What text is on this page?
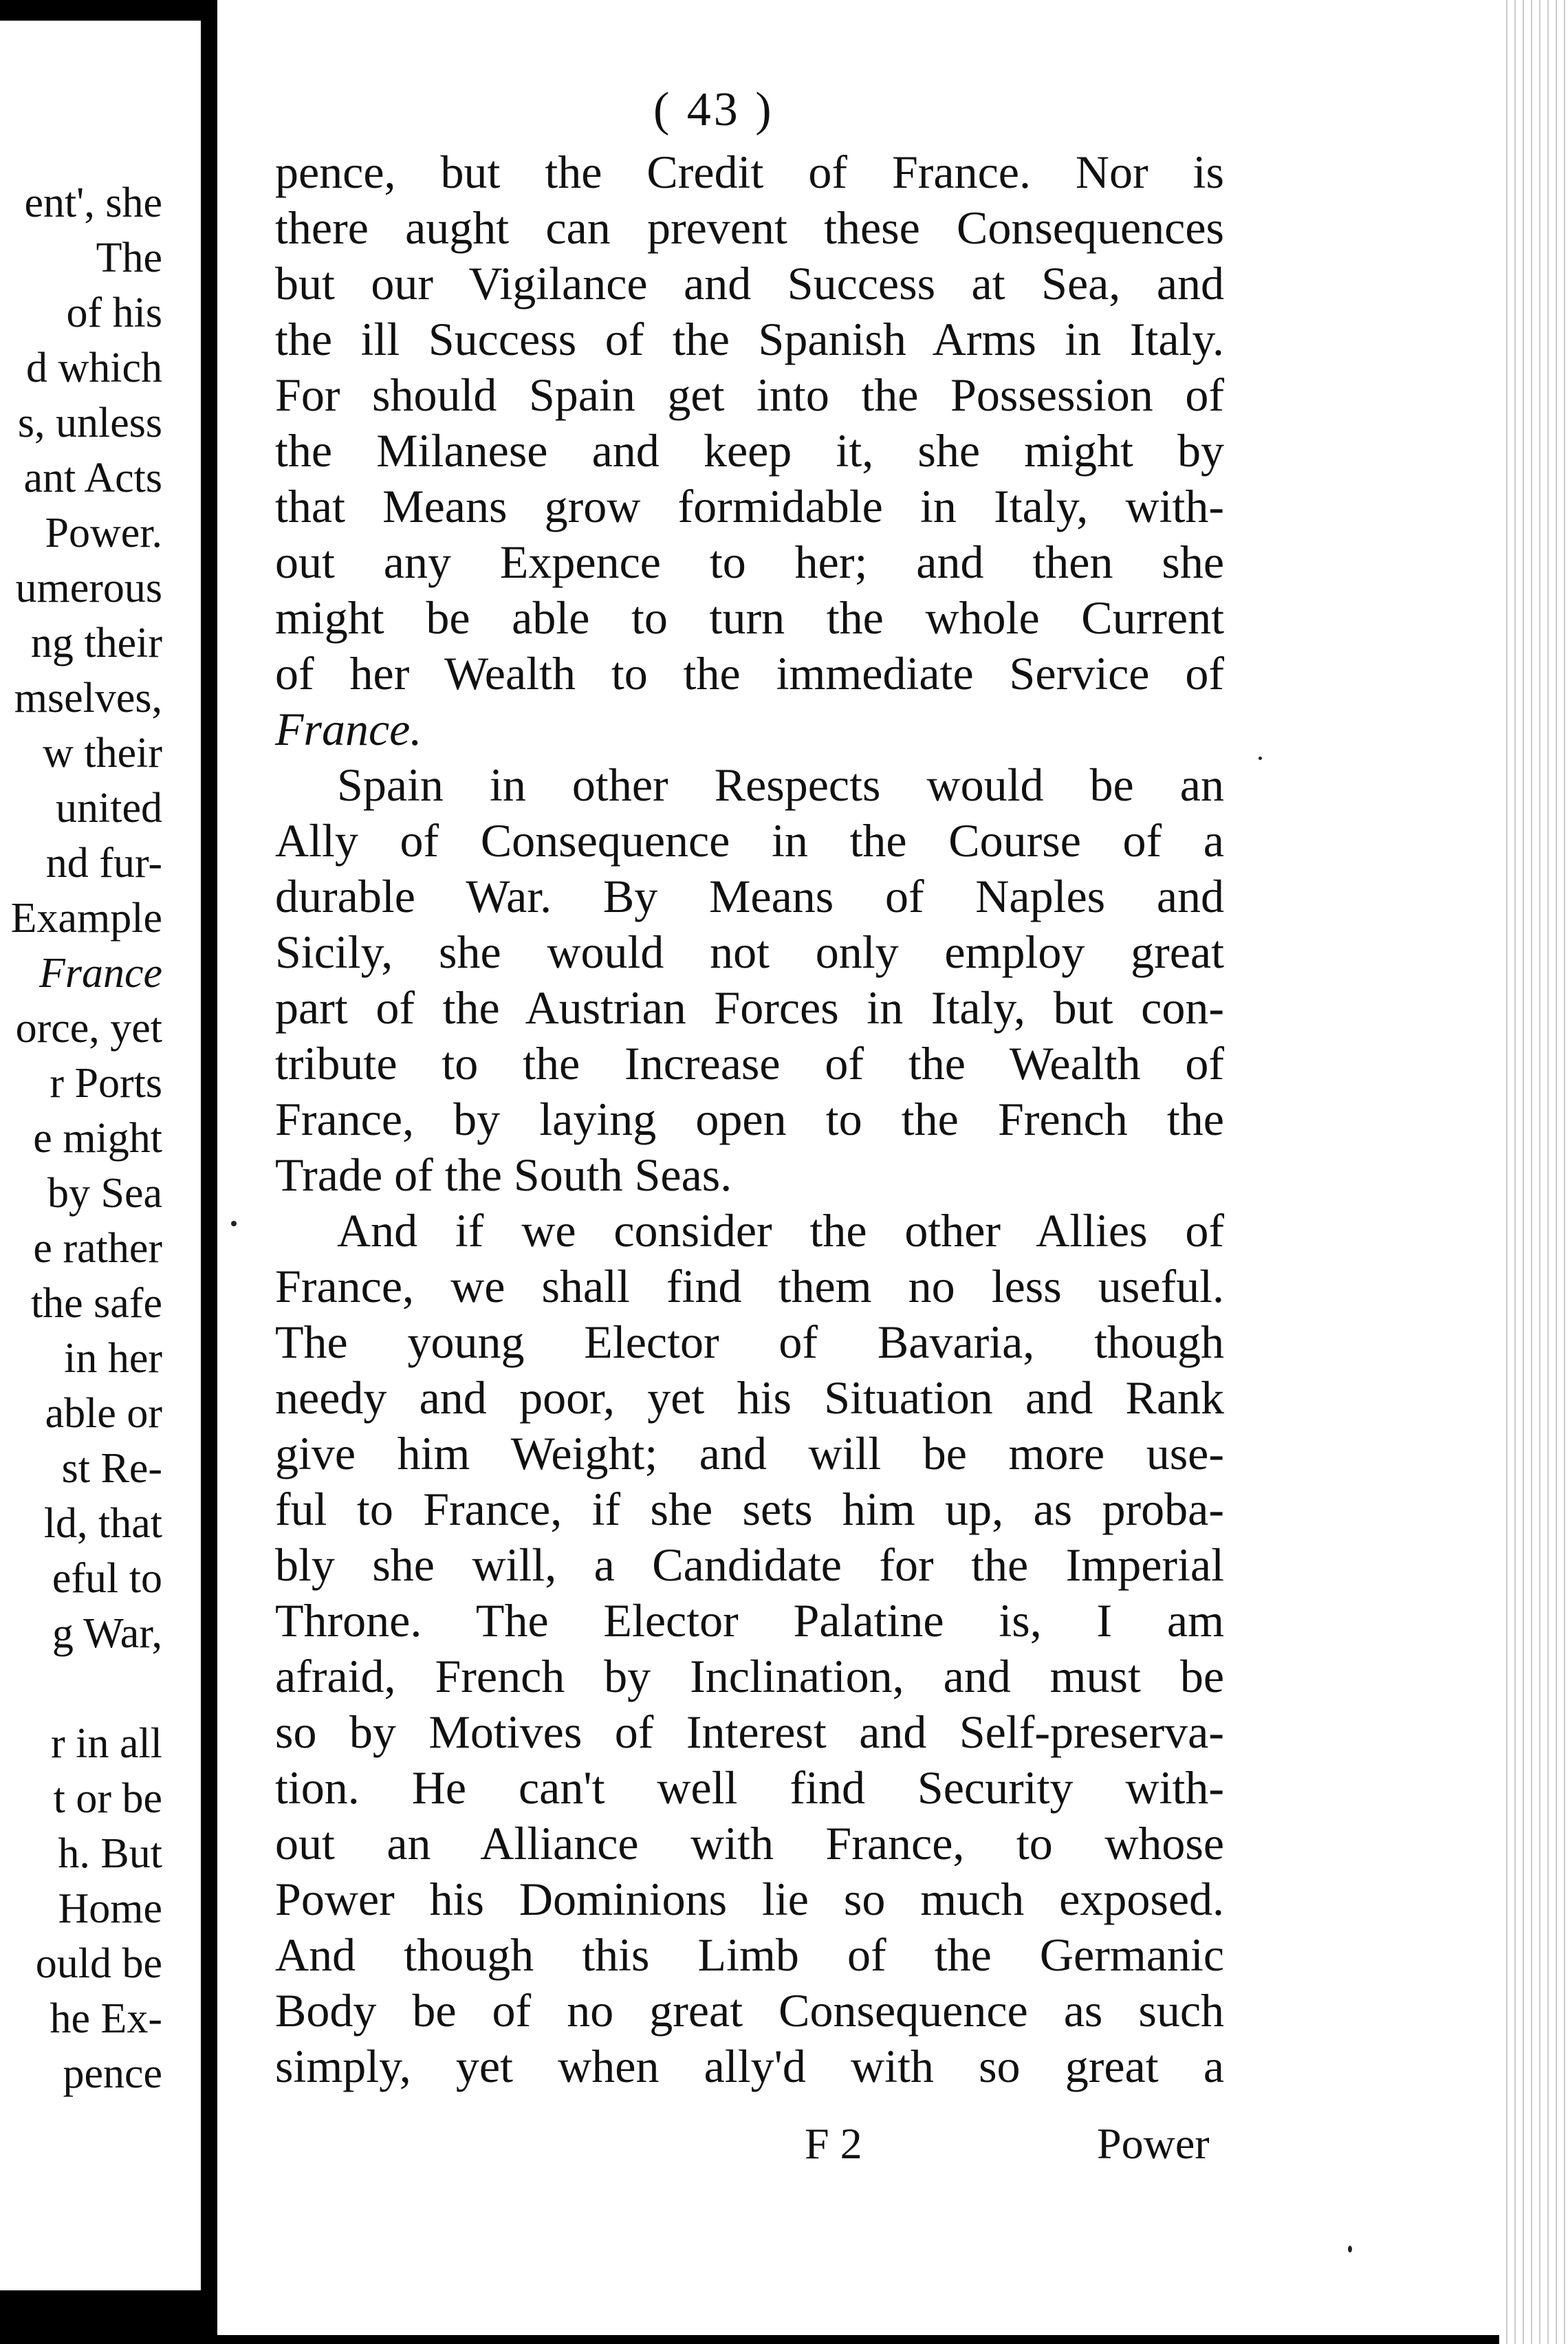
ent', she
The
of his
d which
s, unless
ant Acts
Power.
umerous
ng their
mselves,
w their
united
nd fur-
Example
France
orce, yet
r Ports
e might
by Sea
e rather
the safe
in her
able or
st Re-
ld, that
eful to
g War,
r in all
t or be
h. But
Home
ould be
he Ex-
pence
( 43 )
pence, but the Credit of France. Nor is
there aught can prevent these Consequences
but our Vigilance and Success at Sea, and
the ill Success of the Spanish Arms in Italy.
For should Spain get into the Possession of
the Milanese and keep it, she might by
that Means grow formidable in Italy, with-
out any Expence to her; and then she
might be able to turn the whole Current
of her Wealth to the immediate Service of
France.
Spain in other Respects would be an
Ally of Consequence in the Course of a
durable War. By Means of Naples and
Sicily, she would not only employ great
part of the Austrian Forces in Italy, but con-
tribute to the Increase of the Wealth of
France, by laying open to the French the
Trade of the South Seas.
And if we consider the other Allies of
France, we shall find them no less useful.
The young Elector of Bavaria, though
needy and poor, yet his Situation and Rank
give him Weight; and will be more use-
ful to France, if she sets him up, as proba-
bly she will, a Candidate for the Imperial
Throne. The Elector Palatine is, I am
afraid, French by Inclination, and must be
so by Motives of Interest and Self-preserva-
tion. He can't well find Security with-
out an Alliance with France, to whose
Power his Dominions lie so much exposed.
And though this Limb of the Germanic
Body be of no great Consequence as such
simply, yet when ally'd with so great a
F 2	Power
